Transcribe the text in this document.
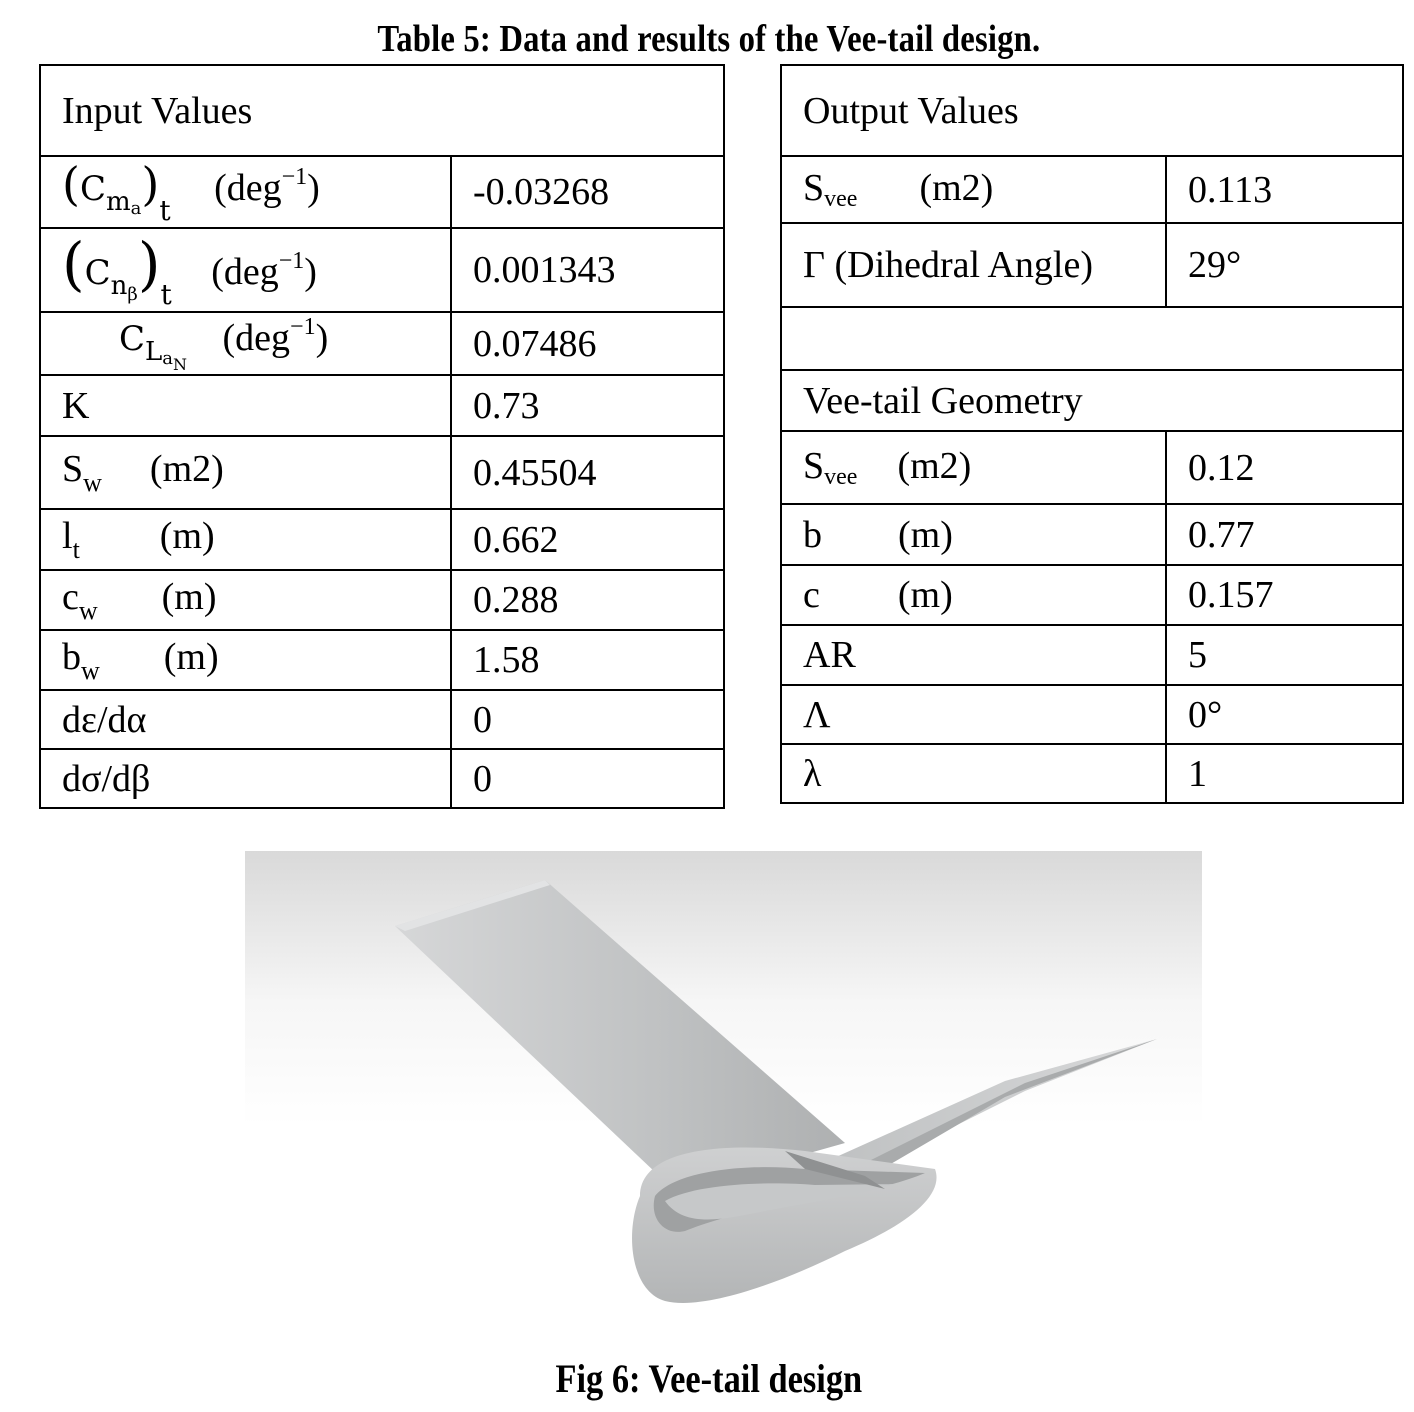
Table 5: Data and results of the Vee-tail design.
Input Values	
$(C_{ma})_t$ (deg$^{-1}$)	-0.03268
$(C_{n_\beta})_t$ (deg$^{-1}$)	0.001343
$C_{La_N}$ (deg$^{-1}$)	0.07486
K	0.73
$S_w$ (m2)	0.45504
$l_t$ (m)	0.662
$c_w$ (m)	0.288
$b_w$ (m)	1.58
dε/dα	0
dσ/dβ	0
Output Values	
Svee (m2)	0.113
Γ (Dihedral Angle)	29°

Vee-tail Geometry	
Svee (m2)	0.12
b (m)	0.77
c (m)	0.157
AR	5
Λ	0°
λ	1
Fig 6: Vee-tail design
